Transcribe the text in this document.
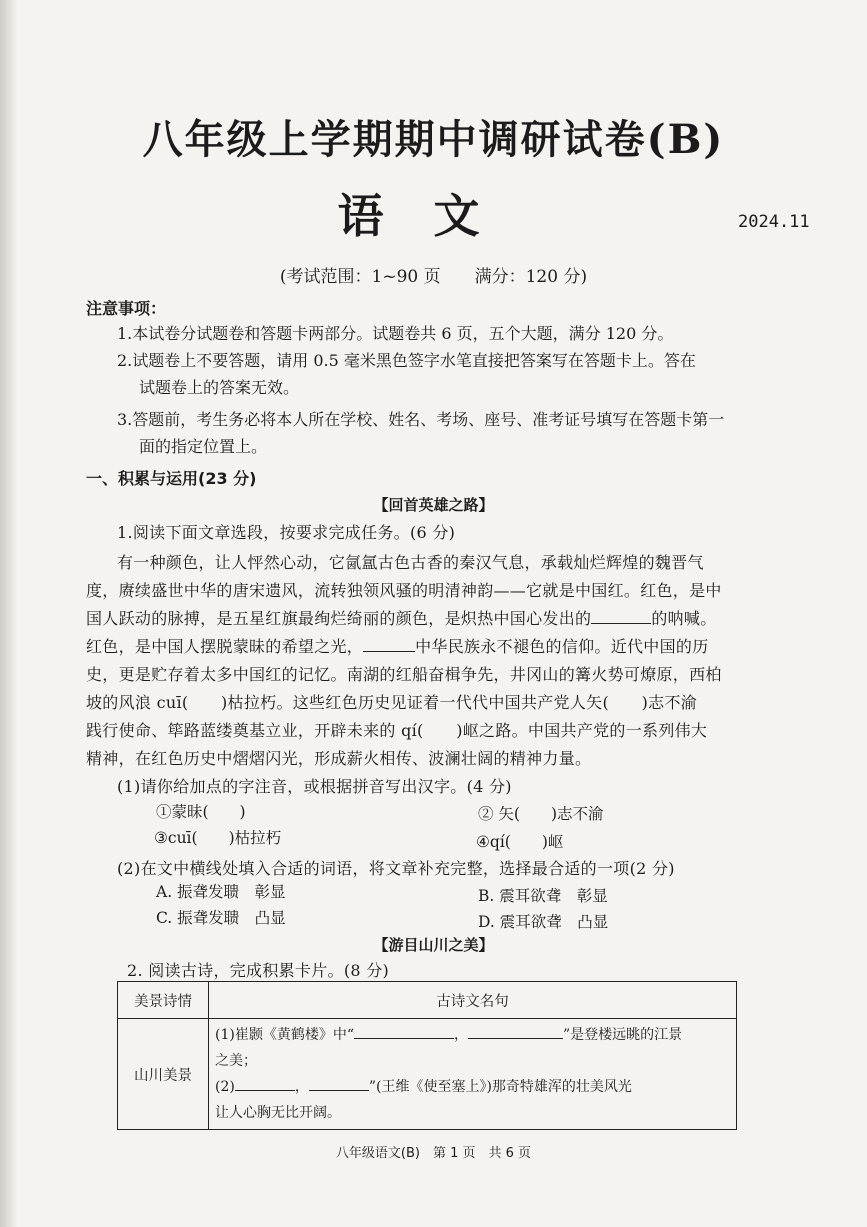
八年级上学期期中调研试卷(B)
语文	2024.11
(考试范围：1~90 页　　满分：120 分)
注意事项：
1.本试卷分试题卷和答题卡两部分。试题卷共 6 页，五个大题，满分 120 分。
2.试题卷上不要答题，请用 0.5 毫米黑色签字水笔直接把答案写在答题卡上。答在
试题卷上的答案无效。
3.答题前，考生务必将本人所在学校、姓名、考场、座号、准考证号填写在答题卡第一
面的指定位置上。
一、积累与运用(23 分)
【回首英雄之路】
1.阅读下面文章选段，按要求完成任务。(6 分)
有一种颜色，让人怦然心动，它氤氲古色古香的秦汉气息，承载灿烂辉煌的魏晋气
度，赓续盛世中华的唐宋遗风，流转独领风骚的明清神韵——它就是中国红。红色，是中
国人跃动的脉搏，是五星红旗最绚烂绮丽的颜色，是炽热中国心发出的	的呐喊。
红色，是中国人摆脱蒙昧的希望之光，	中华民族永不褪色的信仰。近代中国的历
史，更是贮存着太多中国红的记忆。南湖的红船奋楫争先，井冈山的篝火势可燎原，西柏
坡的风浪 cuī(　　)枯拉朽。这些红色历史见证着一代代中国共产党人矢(　　)志不渝
践行使命、筚路蓝缕奠基立业，开辟未来的 qí(　　)岖之路。中国共产党的一系列伟大
精神，在红色历史中熠熠闪光，形成薪火相传、波澜壮阔的精神力量。
(1)请你给加点的字注音，或根据拼音写出汉字。(4 分)
①蒙昧(　　)	② 矢(　　)志不渝
③cuī(　　)枯拉朽	④qí(　　)岖
(2)在文中横线处填入合适的词语，将文章补充完整，选择最合适的一项(2 分)
A. 振聋发聩　彰显	B. 震耳欲聋　彰显
C. 振聋发聩　凸显	D. 震耳欲聋　凸显
【游目山川之美】
2. 阅读古诗，完成积累卡片。(8 分)
美景诗情	古诗文名句
山川美景	(1)崔颢《黄鹤楼》中“ ， ”是登楼远眺的江景
之美；
(2) ， ”(王维《使至塞上》)那奇特雄浑的壮美风光
让人心胸无比开阔。
八年级语文(B)　第 1 页　共 6 页
